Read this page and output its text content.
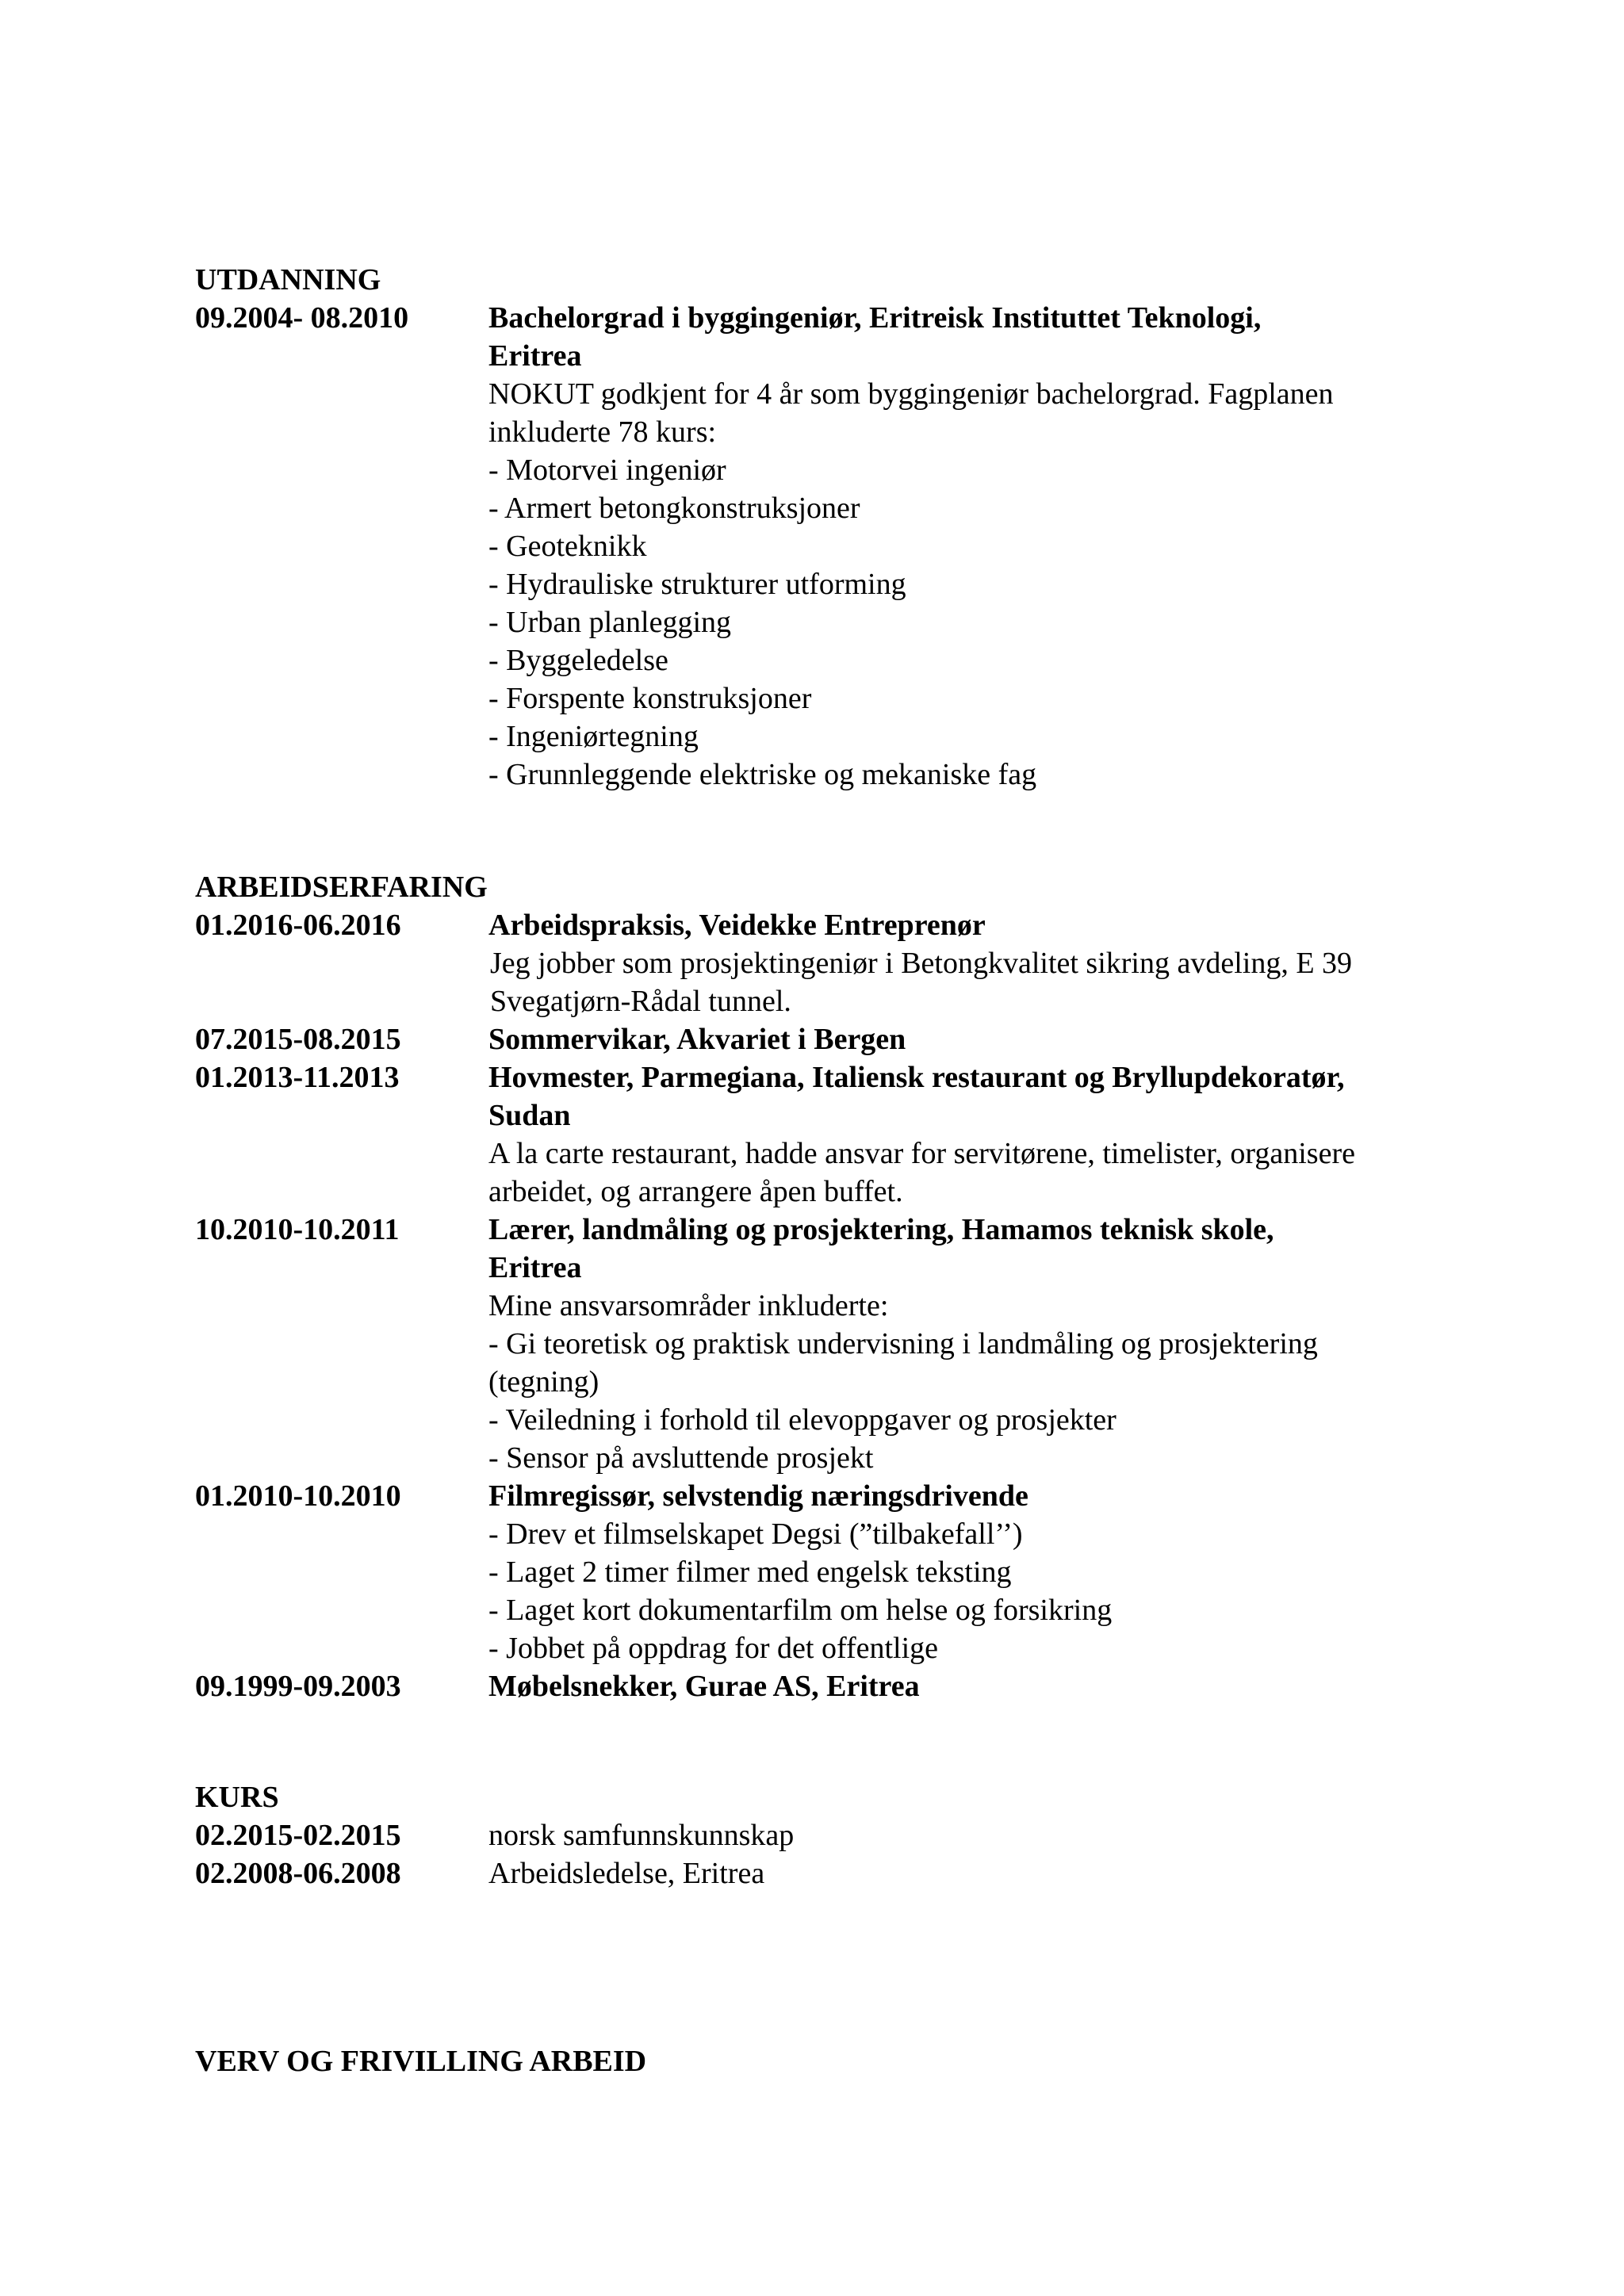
UTDANNING
09.2004- 08.2010	Bachelorgrad i byggingeniør, Eritreisk Instituttet Teknologi,
Eritrea
NOKUT godkjent for 4 år som byggingeniør bachelorgrad. Fagplanen
inkluderte 78 kurs:
- Motorvei ingeniør
- Armert betongkonstruksjoner
- Geoteknikk
- Hydrauliske strukturer utforming
- Urban planlegging
- Byggeledelse
- Forspente konstruksjoner
- Ingeniørtegning
- Grunnleggende elektriske og mekaniske fag
ARBEIDSERFARING
01.2016-06.2016	Arbeidspraksis, Veidekke Entreprenør
Jeg jobber som prosjektingeniør i Betongkvalitet sikring avdeling, E 39
Svegatjørn-Rådal tunnel.
07.2015-08.2015	Sommervikar, Akvariet i Bergen
01.2013-11.2013	Hovmester, Parmegiana, Italiensk restaurant og Bryllupdekoratør,
Sudan
A la carte restaurant, hadde ansvar for servitørene, timelister, organisere
arbeidet, og arrangere åpen buffet.
10.2010-10.2011	Lærer, landmåling og prosjektering, Hamamos teknisk skole,
Eritrea
Mine ansvarsområder inkluderte:
- Gi teoretisk og praktisk undervisning i landmåling og prosjektering
(tegning)
- Veiledning i forhold til elevoppgaver og prosjekter
- Sensor på avsluttende prosjekt
01.2010-10.2010	Filmregissør, selvstendig næringsdrivende
- Drev et filmselskapet Degsi (”tilbakefall’’)
- Laget 2 timer filmer med engelsk teksting
- Laget kort dokumentarfilm om helse og forsikring
- Jobbet på oppdrag for det offentlige
09.1999-09.2003	Møbelsnekker, Gurae AS, Eritrea
KURS
02.2015-02.2015	norsk samfunnskunnskap
02.2008-06.2008	Arbeidsledelse, Eritrea
VERV OG FRIVILLING ARBEID
